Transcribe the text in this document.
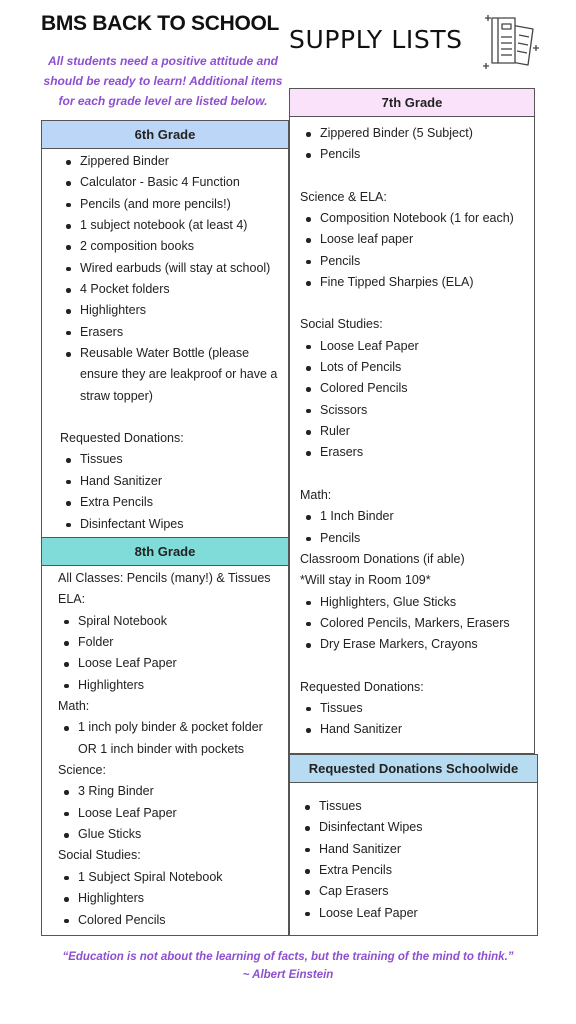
BMS BACK TO SCHOOL
SUPPLY LISTS
All students need a positive attitude and should be ready to learn! Additional items for each grade level are listed below.
6th Grade
Zippered Binder
Calculator - Basic 4 Function
Pencils (and more pencils!)
1 subject notebook (at least 4)
2 composition books
Wired earbuds (will stay at school)
4 Pocket folders
Highlighters
Erasers
Reusable Water Bottle (please ensure they are leakproof or have a straw topper)
Requested Donations:
Tissues
Hand Sanitizer
Extra Pencils
Disinfectant Wipes
8th Grade
All Classes: Pencils (many!) & Tissues
ELA:
Spiral Notebook
Folder
Loose Leaf Paper
Highlighters
Math:
1 inch poly binder & pocket folder OR 1 inch binder with pockets
Science:
3 Ring Binder
Loose Leaf Paper
Glue Sticks
Social Studies:
1 Subject Spiral Notebook
Highlighters
Colored Pencils
7th Grade
Zippered Binder (5 Subject)
Pencils
Science & ELA:
Composition Notebook (1 for each)
Loose leaf paper
Pencils
Fine Tipped Sharpies (ELA)
Social Studies:
Loose Leaf Paper
Lots of Pencils
Colored Pencils
Scissors
Ruler
Erasers
Math:
1 Inch Binder
Pencils
Classroom Donations (if able)
*Will stay in Room 109*
Highlighters, Glue Sticks
Colored Pencils, Markers, Erasers
Dry Erase Markers, Crayons
Requested Donations:
Tissues
Hand Sanitizer
Requested Donations Schoolwide
Tissues
Disinfectant Wipes
Hand Sanitizer
Extra Pencils
Cap Erasers
Loose Leaf Paper
“Education is not about the learning of facts, but the training of the mind to think.”
~ Albert Einstein
